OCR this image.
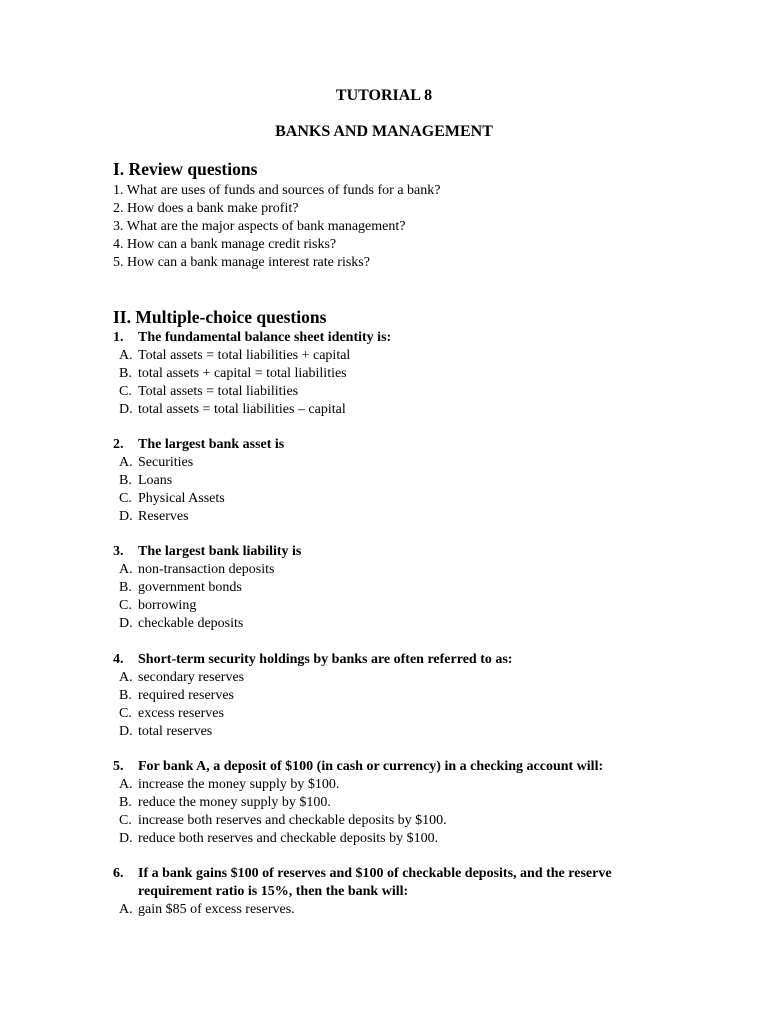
TUTORIAL 8
BANKS AND MANAGEMENT
I. Review questions
1. What are uses of funds and sources of funds for a bank?
2. How does a bank make profit?
3. What are the major aspects of bank management?
4. How can a bank manage credit risks?
5. How can a bank manage interest rate risks?
II. Multiple-choice questions
1.	The fundamental balance sheet identity is:
A. Total assets = total liabilities + capital
B. total assets + capital = total liabilities
C. Total assets = total liabilities
D. total assets = total liabilities – capital
2.	The largest bank asset is
A. Securities
B. Loans
C. Physical Assets
D. Reserves
3.	The largest bank liability is
A. non-transaction deposits
B. government bonds
C. borrowing
D. checkable deposits
4.	Short-term security holdings by banks are often referred to as:
A. secondary reserves
B. required reserves
C. excess reserves
D. total reserves
5.	For bank A, a deposit of $100 (in cash or currency) in a checking account will:
A. increase the money supply by $100.
B. reduce the money supply by $100.
C. increase both reserves and checkable deposits by $100.
D. reduce both reserves and checkable deposits by $100.
6.	If a bank gains $100 of reserves and $100 of checkable deposits, and the reserve requirement ratio is 15%, then the bank will:
A. gain $85 of excess reserves.
